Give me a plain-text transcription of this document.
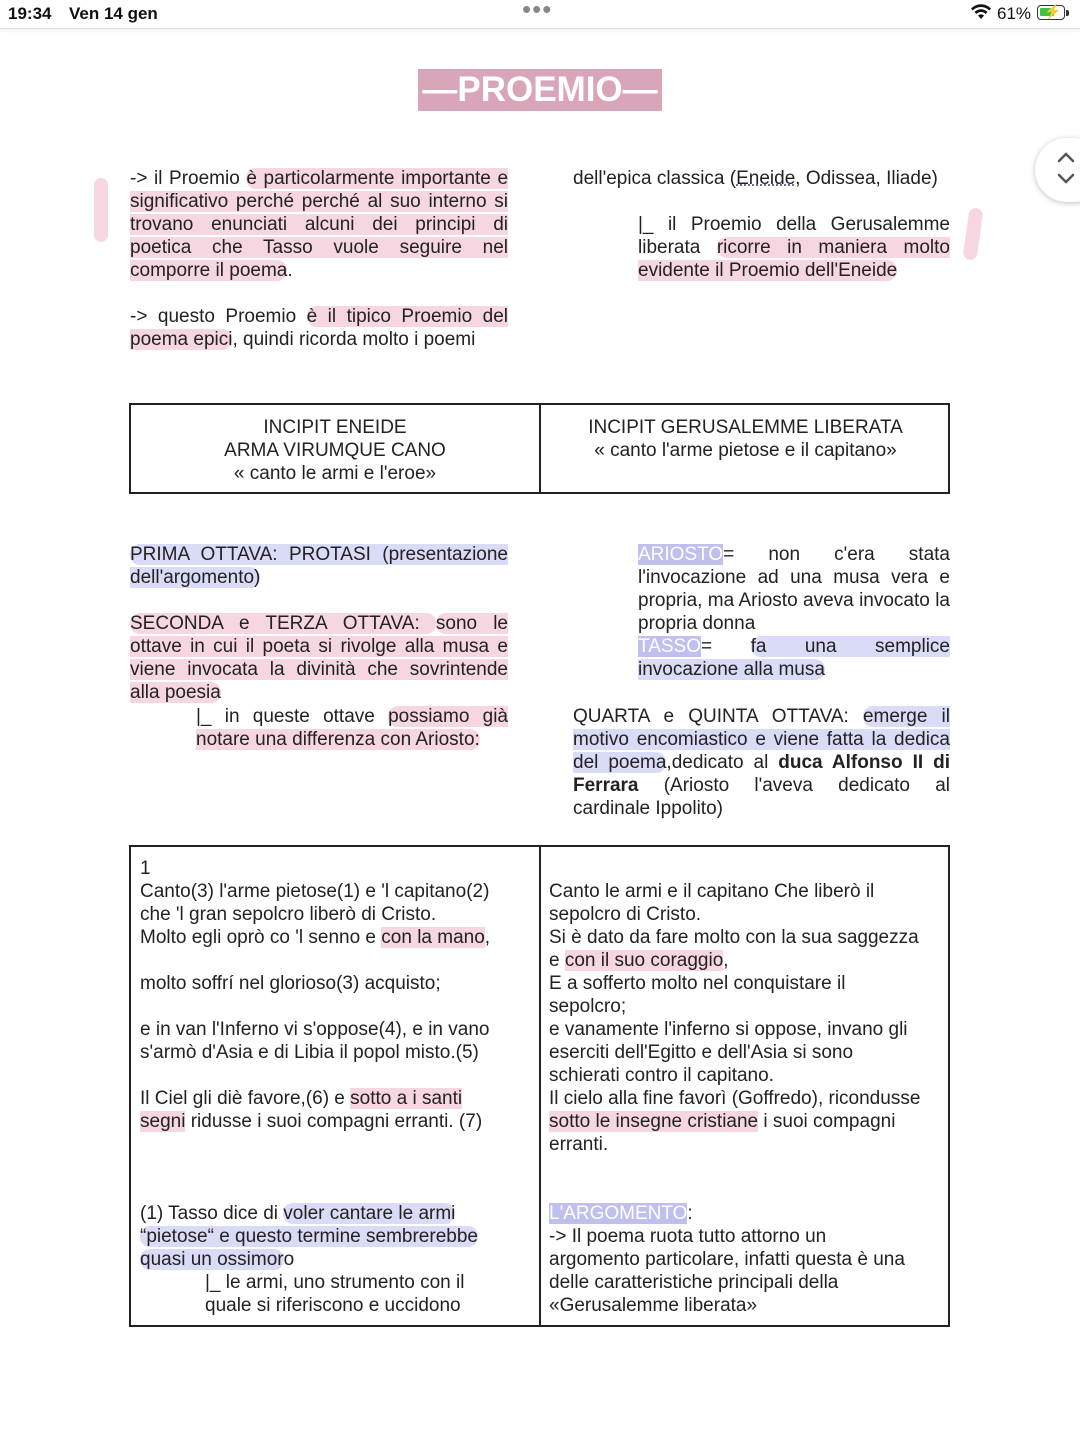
19:34 Ven 14 gen	•••	61% ⚡
—PROEMIO—
-> il Proemio è particolarmente importante e significativo perché perché al suo interno si trovano enunciati alcuni dei principi di poetica che Tasso vuole seguire nel comporre il poema.
-> questo Proemio è il tipico Proemio del poema epici, quindi ricorda molto i poemi
dell'epica classica (Eneide, Odissea, Iliade)
|_ il Proemio della Gerusalemme liberata ricorre in maniera molto evidente il Proemio dell'Eneide
INCIPIT ENEIDE
ARMA VIRUMQUE CANO
« canto le armi e l'eroe»
INCIPIT GERUSALEMME LIBERATA
« canto l'arme pietose e il capitano»
PRIMA OTTAVA: PROTASI (presentazione dell'argomento)
SECONDA e TERZA OTTAVA: sono le ottave in cui il poeta si rivolge alla musa e viene invocata la divinità che sovrintende alla poesia
|_ in queste ottave possiamo già notare una differenza con Ariosto:
ARIOSTO= non c'era stata l'invocazione ad una musa vera e propria, ma Ariosto aveva invocato la propria donna
TASSO= fa una semplice invocazione alla musa
QUARTA e QUINTA OTTAVA: emerge il motivo encomiastico e viene fatta la dedica del poema,dedicato al duca Alfonso II di Ferrara (Ariosto l'aveva dedicato al cardinale Ippolito)
1
Canto(3) l'arme pietose(1) e 'l capitano(2)
che 'l gran sepolcro liberò di Cristo.
Molto egli oprò co 'l senno e con la mano,
molto soffrí nel glorioso(3) acquisto;
e in van l'Inferno vi s'oppose(4), e in vano
s'armò d'Asia e di Libia il popol misto.(5)
Il Ciel gli diè favore,(6) e sotto a i santi
segni ridusse i suoi compagni erranti. (7)
(1) Tasso dice di voler cantare le armi
“pietose“ e questo termine sembrerebbe
quasi un ossimoro
|_ le armi, uno strumento con il
quale si riferiscono e uccidono
Canto le armi e il capitano Che liberò il
sepolcro di Cristo.
Si è dato da fare molto con la sua saggezza
e con il suo coraggio,
E a sofferto molto nel conquistare il
sepolcro;
e vanamente l'inferno si oppose, invano gli
eserciti dell'Egitto e dell'Asia si sono
schierati contro il capitano.
Il cielo alla fine favorì (Goffredo), ricondusse
sotto le insegne cristiane i suoi compagni
erranti.
L'ARGOMENTO:
-> Il poema ruota tutto attorno un
argomento particolare, infatti questa è una
delle caratteristiche principali della
«Gerusalemme liberata»
